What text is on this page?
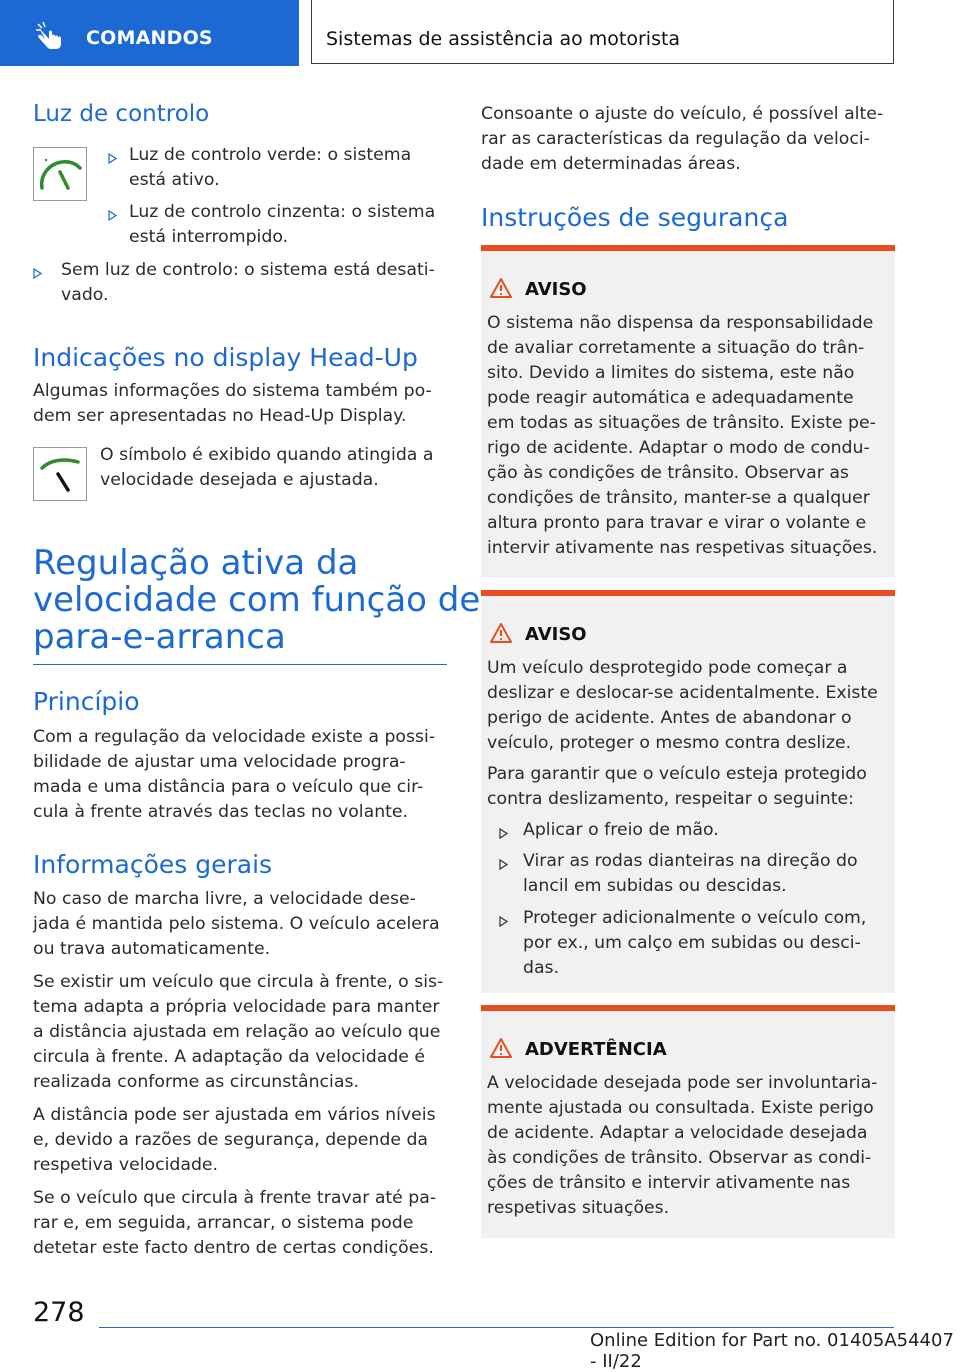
COMANDOS	Sistemas de assistência ao motorista
Luz de controlo

Luz de controlo verde: o sistema

está ativo.

Luz de controlo cinzenta: o sistema

está interrompido.

Sem luz de controlo: o sistema está desati-

vado.

Indicações no display Head-Up

Algumas informações do sistema também po-

dem ser apresentadas no Head-Up Display.

O símbolo é exibido quando atingida a

velocidade desejada e ajustada.

Regulação ativa da
velocidade com função de
para-e-arranca
Princípio

Com a regulação da velocidade existe a possi-

bilidade de ajustar uma velocidade progra-

mada e uma distância para o veículo que cir-

cula à frente através das teclas no volante.

Informações gerais

No caso de marcha livre, a velocidade dese-

jada é mantida pelo sistema. O veículo acelera

ou trava automaticamente.

Se existir um veículo que circula à frente, o sis-

tema adapta a própria velocidade para manter

a distância ajustada em relação ao veículo que

circula à frente. A adaptação da velocidade é

realizada conforme as circunstâncias.

A distância pode ser ajustada em vários níveis

e, devido a razões de segurança, depende da

respetiva velocidade.

Se o veículo que circula à frente travar até pa-

rar e, em seguida, arrancar, o sistema pode

detetar este facto dentro de certas condições.

Consoante o ajuste do veículo, é possível alte-

rar as características da regulação da veloci-

dade em determinadas áreas.

Instruções de segurança
AVISO

O sistema não dispensa da responsabilidade

de avaliar corretamente a situação do trân-

sito. Devido a limites do sistema, este não

pode reagir automática e adequadamente

em todas as situações de trânsito. Existe pe-

rigo de acidente. Adaptar o modo de condu-

ção às condições de trânsito. Observar as

condições de trânsito, manter-se a qualquer

altura pronto para travar e virar o volante e

intervir ativamente nas respetivas situações.

AVISO

Um veículo desprotegido pode começar a

deslizar e deslocar-se acidentalmente. Existe

perigo de acidente. Antes de abandonar o

veículo, proteger o mesmo contra deslize.

Para garantir que o veículo esteja protegido

contra deslizamento, respeitar o seguinte:

Aplicar o freio de mão.

Virar as rodas dianteiras na direção do

lancil em subidas ou descidas.

Proteger adicionalmente o veículo com,

por ex., um calço em subidas ou desci-

das.

ADVERTÊNCIA

A velocidade desejada pode ser involuntaria-

mente ajustada ou consultada. Existe perigo

de acidente. Adaptar a velocidade desejada

às condições de trânsito. Observar as condi-

ções de trânsito e intervir ativamente nas

respetivas situações.

278
Online Edition for Part no. 01405A54407 - II/22
